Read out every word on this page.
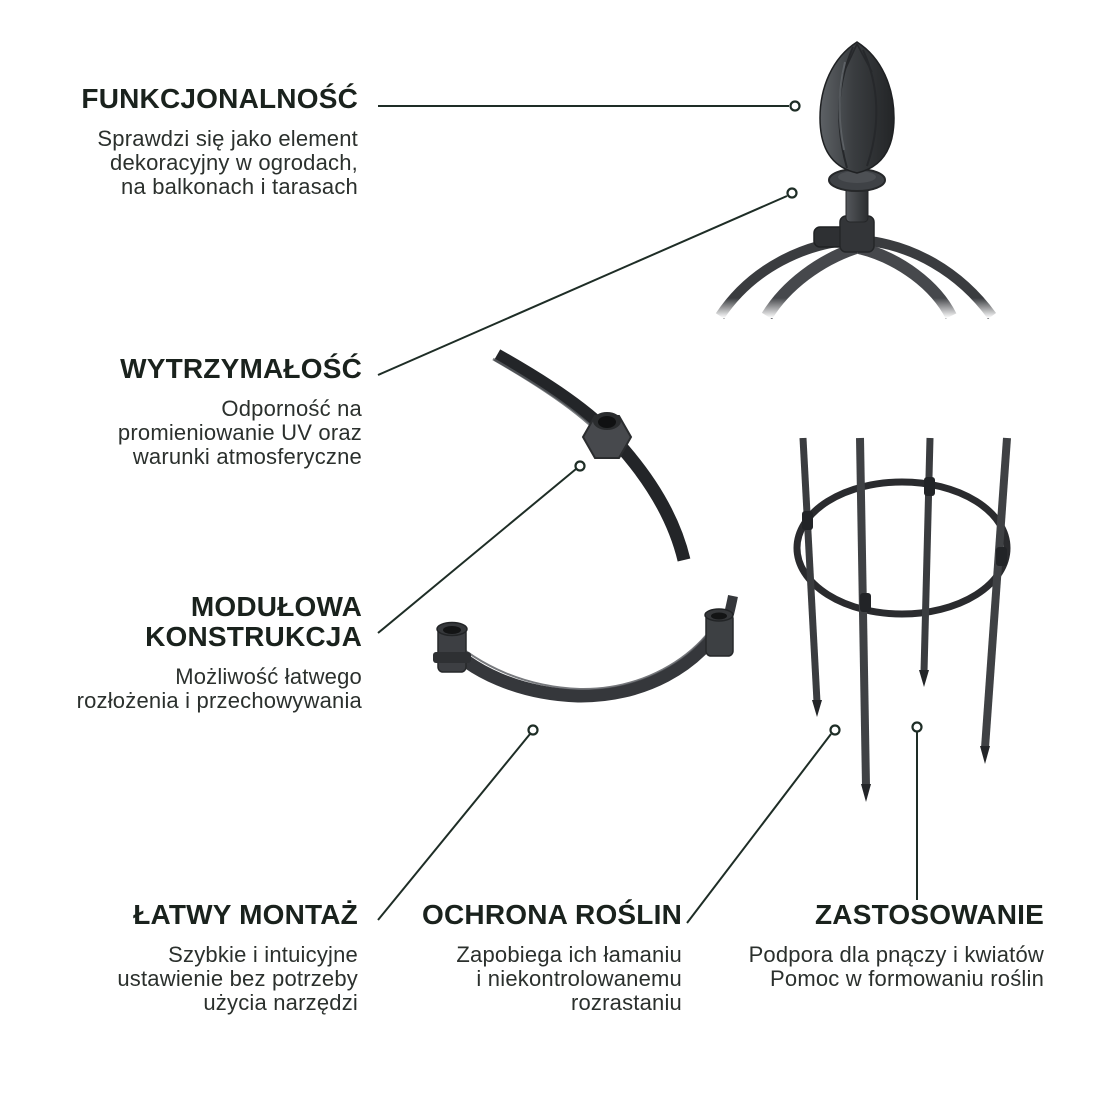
FUNKCJONALNOŚĆ
Sprawdzi się jako element
dekoracyjny w ogrodach,
na balkonach i tarasach
WYTRZYMAŁOŚĆ
Odporność na
promieniowanie UV oraz
warunki atmosferyczne
MODUŁOWA
KONSTRUKCJA
Możliwość łatwego
rozłożenia i przechowywania
ŁATWY MONTAŻ
Szybkie i intuicyjne
ustawienie bez potrzeby
użycia narzędzi
OCHRONA ROŚLIN
Zapobiega ich łamaniu
i niekontrolowanemu
rozrastaniu
ZASTOSOWANIE
Podpora dla pnączy i kwiatów
Pomoc w formowaniu roślin
